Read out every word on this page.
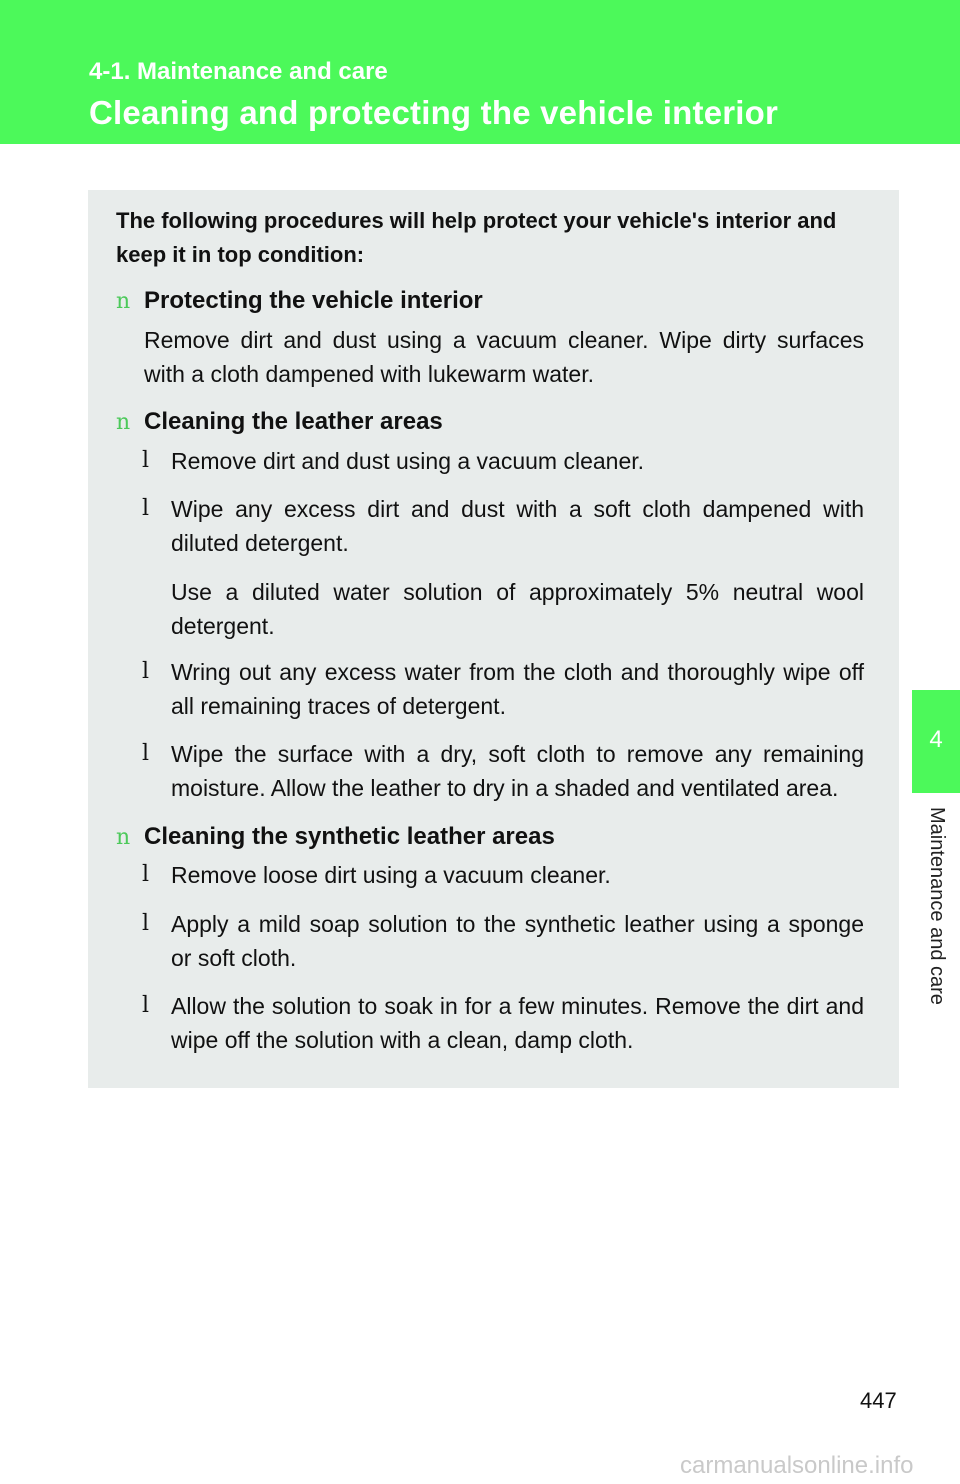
4-1. Maintenance and care
Cleaning and protecting the vehicle interior
The following procedures will help protect your vehicle's interior and keep it in top condition:
n Protecting the vehicle interior
Remove dirt and dust using a vacuum cleaner. Wipe dirty surfaces with a cloth dampened with lukewarm water.
n Cleaning the leather areas
l Remove dirt and dust using a vacuum cleaner.
l Wipe any excess dirt and dust with a soft cloth dampened with diluted detergent.
Use a diluted water solution of approximately 5% neutral wool detergent.
l Wring out any excess water from the cloth and thoroughly wipe off all remaining traces of detergent.
l Wipe the surface with a dry, soft cloth to remove any remaining moisture. Allow the leather to dry in a shaded and ventilated area.
n Cleaning the synthetic leather areas
l Remove loose dirt using a vacuum cleaner.
l Apply a mild soap solution to the synthetic leather using a sponge or soft cloth.
l Allow the solution to soak in for a few minutes. Remove the dirt and wipe off the solution with a clean, damp cloth.
4
Maintenance and care
447
carmanualsonline.info
